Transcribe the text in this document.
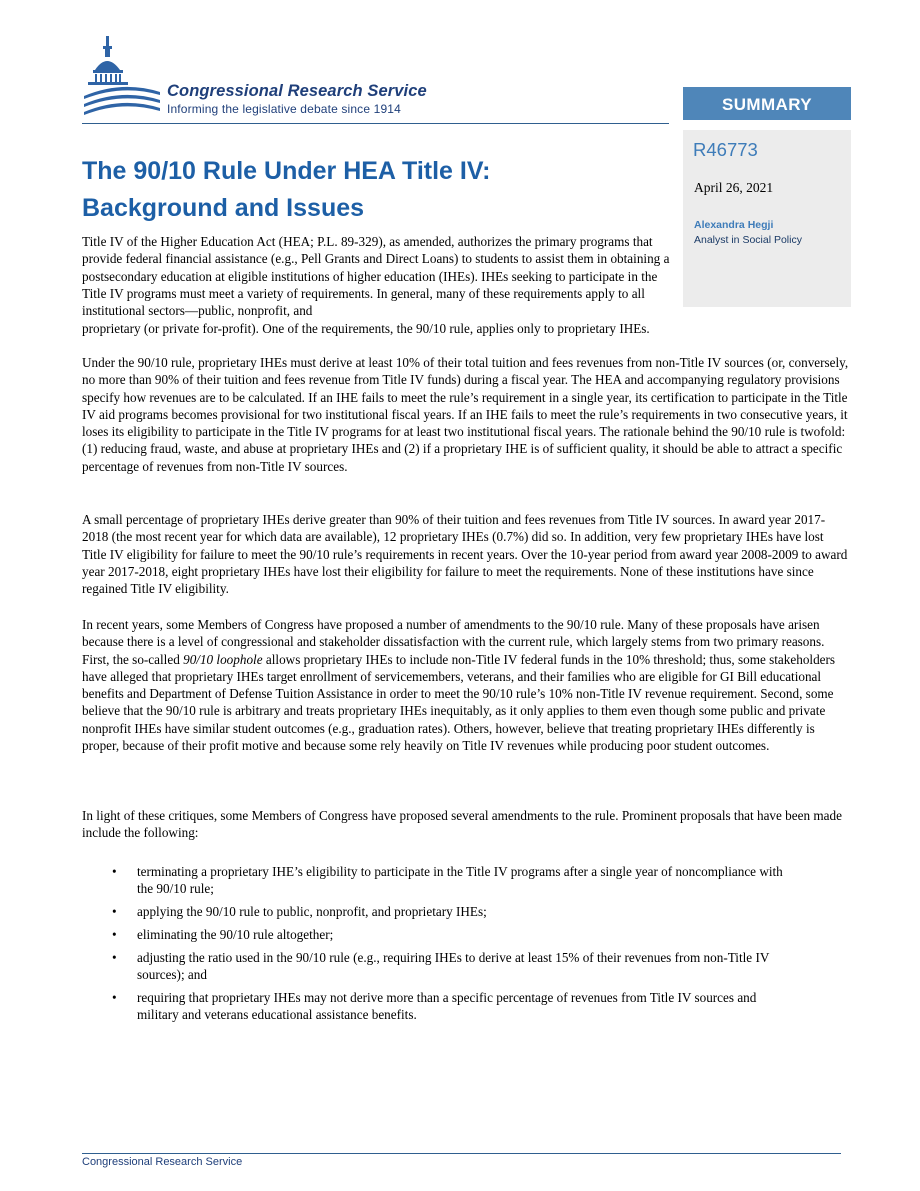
Congressional Research Service
Informing the legislative debate since 1914	SUMMARY
R46773
April 26, 2021
Alexandra Hegji
Analyst in Social Policy
The 90/10 Rule Under HEA Title IV:
Background and Issues

Title IV of the Higher Education Act (HEA; P.L. 89-329), as amended, authorizes the primary programs that provide federal financial assistance (e.g., Pell Grants and Direct Loans) to students to assist them in obtaining a postsecondary education at eligible institutions of higher education (IHEs). IHEs seeking to participate in the Title IV programs must meet a variety of requirements. In general, many of these requirements apply to all institutional sectors—public, nonprofit, and

proprietary (or private for-profit). One of the requirements, the 90/10 rule, applies only to proprietary IHEs.

Under the 90/10 rule, proprietary IHEs must derive at least 10% of their total tuition and fees revenues from non-Title IV sources (or, conversely, no more than 90% of their tuition and fees revenue from Title IV funds) during a fiscal year. The HEA and accompanying regulatory provisions specify how revenues are to be calculated. If an IHE fails to meet the rule’s requirement in a single year, its certification to participate in the Title IV aid programs becomes provisional for two institutional fiscal years. If an IHE fails to meet the rule’s requirements in two consecutive years, it loses its eligibility to participate in the Title IV programs for at least two institutional fiscal years. The rationale behind the 90/10 rule is twofold: (1) reducing fraud, waste, and abuse at proprietary IHEs and (2) if a proprietary IHE is of sufficient quality, it should be able to attract a specific percentage of revenues from non-Title IV sources.

A small percentage of proprietary IHEs derive greater than 90% of their tuition and fees revenues from Title IV sources. In award year 2017-2018 (the most recent year for which data are available), 12 proprietary IHEs (0.7%) did so. In addition, very few proprietary IHEs have lost Title IV eligibility for failure to meet the 90/10 rule’s requirements in recent years. Over the 10-year period from award year 2008-2009 to award year 2017-2018, eight proprietary IHEs have lost their eligibility for failure to meet the requirements. None of these institutions have since regained Title IV eligibility.

In recent years, some Members of Congress have proposed a number of amendments to the 90/10 rule. Many of these proposals have arisen because there is a level of congressional and stakeholder dissatisfaction with the current rule, which largely stems from two primary reasons. First, the so-called 90/10 loophole allows proprietary IHEs to include non-Title IV federal funds in the 10% threshold; thus, some stakeholders have alleged that proprietary IHEs target enrollment of servicemembers, veterans, and their families who are eligible for GI Bill educational benefits and Department of Defense Tuition Assistance in order to meet the 90/10 rule’s 10% non-Title IV revenue requirement. Second, some believe that the 90/10 rule is arbitrary and treats proprietary IHEs inequitably, as it only applies to them even though some public and private nonprofit IHEs have similar student outcomes (e.g., graduation rates). Others, however, believe that treating proprietary IHEs differently is proper, because of their profit motive and because some rely heavily on Title IV revenues while producing poor student outcomes.

In light of these critiques, some Members of Congress have proposed several amendments to the rule. Prominent proposals that have been made include the following:

• terminating a proprietary IHE’s eligibility to participate in the Title IV programs after a single year of noncompliance with the 90/10 rule;
• applying the 90/10 rule to public, nonprofit, and proprietary IHEs;
• eliminating the 90/10 rule altogether;
• adjusting the ratio used in the 90/10 rule (e.g., requiring IHEs to derive at least 15% of their revenues from non-Title IV sources); and
• requiring that proprietary IHEs may not derive more than a specific percentage of revenues from Title IV sources and military and veterans educational assistance benefits.
Congressional Research Service
